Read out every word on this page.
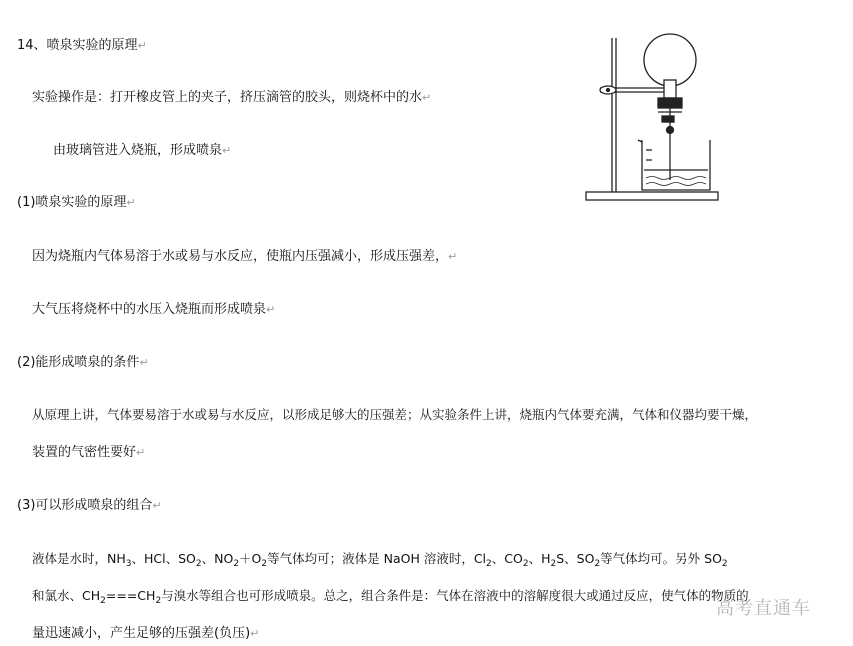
14、喷泉实验的原理↵
实验操作是：打开橡皮管上的夹子，挤压滴管的胶头，则烧杯中的水↵
由玻璃管进入烧瓶，形成喷泉↵
(1)喷泉实验的原理↵
因为烧瓶内气体易溶于水或易与水反应，使瓶内压强减小，形成压强差，↵
大气压将烧杯中的水压入烧瓶而形成喷泉↵
(2)能形成喷泉的条件↵
从原理上讲，气体要易溶于水或易与水反应，以形成足够大的压强差；从实验条件上讲，烧瓶内气体要充满，气体和仪器均要干燥，
装置的气密性要好↵
(3)可以形成喷泉的组合↵
液体是水时，$NH_3$、HCl、$SO_2$、$NO_2+O_2$等气体均可；液体是 NaOH 溶液时，$Cl_2$、$CO_2$、$H_2S$、$SO_2$等气体均可。另外 $SO_2$
和氯水、$CH_2===CH_2$与溴水等组合也可形成喷泉。总之，组合条件是：气体在溶液中的溶解度很大或通过反应，使气体的物质的
量迅速减小，产生足够的压强差(负压)↵
高考直通车
